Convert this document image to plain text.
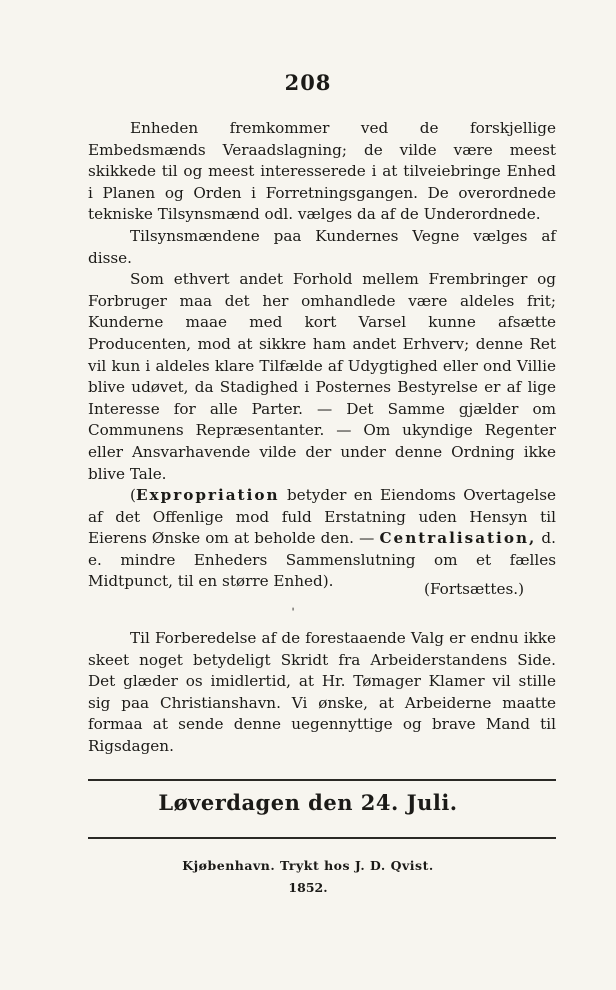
208

Enheden fremkommer ved de forskjellige Embedsmænds Veraadslagning; de vilde være meest skikkede til og meest interesserede i at tilveiebringe Enhed i Planen og Orden i Forretningsgangen. De overordnede tekniske Tilsynsmænd odl. vælges da af de Underordnede.

Tilsynsmændene paa Kundernes Vegne vælges af disse.

Som ethvert andet Forhold mellem Frembringer og Forbruger maa det her omhandlede være aldeles frit; Kunderne maae med kort Varsel kunne afsætte Producenten, mod at sikkre ham andet Erhverv; denne Ret vil kun i aldeles klare Tilfælde af Udygtighed eller ond Villie blive udøvet, da Stadighed i Posternes Bestyrelse er af lige Interesse for alle Parter. — Det Samme gjælder om Communens Repræsentanter. — Om ukyndige Regenter eller Ansvarhavende vilde der under denne Ordning ikke blive Tale.

(Expropriation betyder en Eiendoms Overtagelse af det Offenlige mod fuld Erstatning uden Hensyn til Eierens Ønske om at beholde den. — Centralisation, d. e. mindre Enheders Sammenslutning om et fælles Midtpunct, til en større Enhed).	(Fortsættes.)
ˈ

Til Forberedelse af de forestaaende Valg er endnu ikke skeet noget betydeligt Skridt fra Arbeiderstandens Side. Det glæder os imidlertid, at Hr. Tømager Klamer vil stille sig paa Christianshavn. Vi ønske, at Arbeiderne maatte formaa at sende denne uegennyttige og brave Mand til Rigsdagen.

Løverdagen den 24. Juli.
Kjøbenhavn. Trykt hos J. D. Qvist.
1852.
